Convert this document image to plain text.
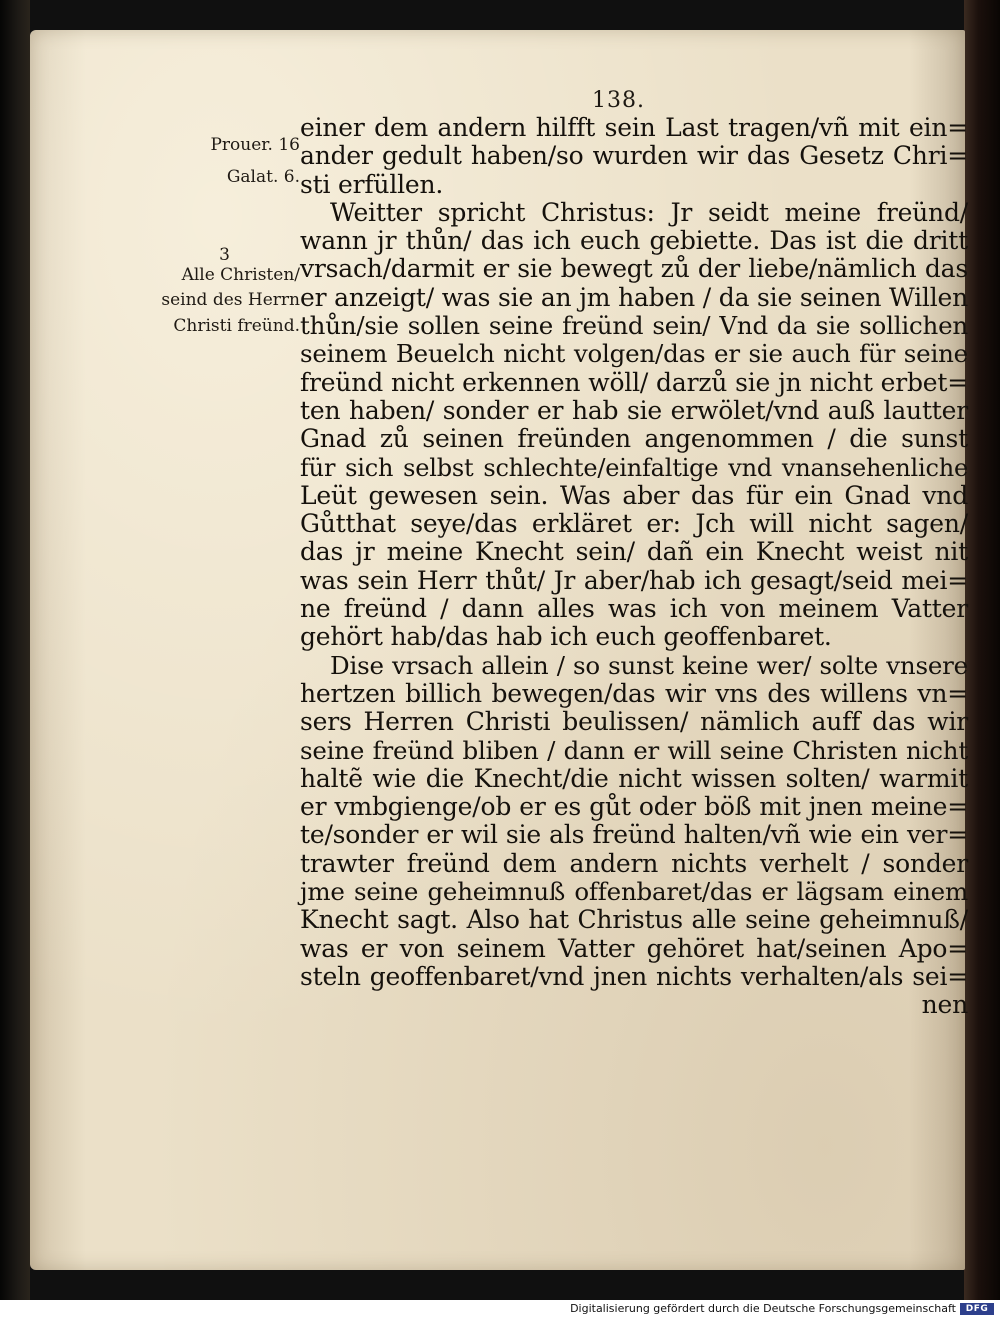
138.
Prouer. 16
Galat. 6.
3
Alle Christen/
seind des Herrn
Christi freünd.
einer dem andern hilfft sein Last tragen/vñ mit ein=
ander gedult haben/so wurden wir das Gesetz Chri=
sti erfüllen.
Weitter spricht Christus: Jr seidt meine freünd/
wann jr thůn/ das ich euch gebiette. Das ist die dritt
vrsach/darmit er sie bewegt zů der liebe/nämlich das
er anzeigt/ was sie an jm haben / da sie seinen Willen
thůn/sie sollen seine freünd sein/ Vnd da sie sollichen
seinem Beuelch nicht volgen/das er sie auch für seine
freünd nicht erkennen wöll/ darzů sie jn nicht erbet=
ten haben/ sonder er hab sie erwölet/vnd auß lautter
Gnad zů seinen freünden angenommen / die sunst
für sich selbst schlechte/einfaltige vnd vnansehenliche
Leüt gewesen sein. Was aber das für ein Gnad vnd
Gůtthat seye/das erkläret er: Jch will nicht sagen/
das jr meine Knecht sein/ dañ ein Knecht weist nit
was sein Herr thůt/ Jr aber/hab ich gesagt/seid mei=
ne freünd / dann alles was ich von meinem Vatter
gehört hab/das hab ich euch geoffenbaret.
Dise vrsach allein / so sunst keine wer/ solte vnsere
hertzen billich bewegen/das wir vns des willens vn=
sers Herren Christi beulissen/ nämlich auff das wir
seine freünd bliben / dann er will seine Christen nicht
haltẽ wie die Knecht/die nicht wissen solten/ warmit
er vmbgienge/ob er es gůt oder böß mit jnen meine=
te/sonder er wil sie als freünd halten/vñ wie ein ver=
trawter freünd dem andern nichts verhelt / sonder
jme seine geheimnuß offenbaret/das er lägsam einem
Knecht sagt. Also hat Christus alle seine geheimnuß/
was er von seinem Vatter gehöret hat/seinen Apo=
steln geoffenbaret/vnd jnen nichts verhalten/als sei=
nen
Digitalisierung gefördert durch die Deutsche Forschungsgemeinschaft	DFG
